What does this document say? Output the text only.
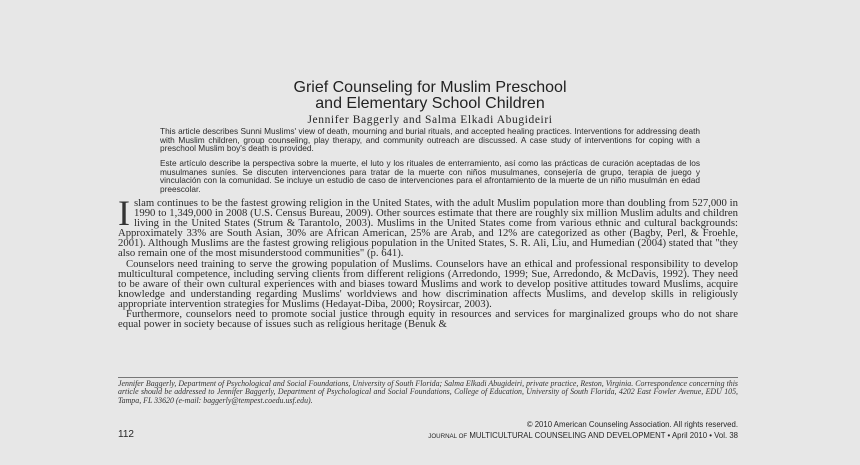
Grief Counseling for Muslim Preschool
and Elementary School Children

Jennifer Baggerly and Salma Elkadi Abugideiri

This article describes Sunni Muslims' view of death, mourning and burial rituals, and accepted healing practices. Interventions for addressing death with Muslim children, group counseling, play therapy, and community outreach are discussed. A case study of interventions for coping with a preschool Muslim boy's death is provided.

Este artículo describe la perspectiva sobre la muerte, el luto y los rituales de enterramiento, así como las prácticas de curación aceptadas de los musulmanes suníes. Se discuten intervenciones para tratar de la muerte con niños musulmanes, consejería de grupo, terapia de juego y vinculación con la comunidad. Se incluye un estudio de caso de intervenciones para el afrontamiento de la muerte de un niño musulmán en edad preescolar.

Islam continues to be the fastest growing religion in the United States, with the adult Muslim population more than doubling from 527,000 in 1990 to 1,349,000 in 2008 (U.S. Census Bureau, 2009). Other sources estimate that there are roughly six million Muslim adults and children living in the United States (Strum & Tarantolo, 2003). Muslims in the United States come from various ethnic and cultural backgrounds: Approximately 33% are South Asian, 30% are African American, 25% are Arab, and 12% are categorized as other (Bagby, Perl, & Froehle, 2001). Although Muslims are the fastest growing religious population in the United States, S. R. Ali, Liu, and Humedian (2004) stated that "they also remain one of the most misunderstood communities" (p. 641).

Counselors need training to serve the growing population of Muslims. Counselors have an ethical and professional responsibility to develop multicultural competence, including serving clients from different religions (Arredondo, 1999; Sue, Arredondo, & McDavis, 1992). They need to be aware of their own cultural experiences with and biases toward Muslims and work to develop positive attitudes toward Muslims, acquire knowledge and understanding regarding Muslims' worldviews and how discrimination affects Muslims, and develop skills in religiously appropriate intervention strategies for Muslims (Hedayat-Diba, 2000; Roysircar, 2003).

Furthermore, counselors need to promote social justice through equity in resources and services for marginalized groups who do not share equal power in society because of issues such as religious heritage (Benuk &

Jennifer Baggerly, Department of Psychological and Social Foundations, University of South Florida; Salma Elkadi Abugideiri, private practice, Reston, Virginia. Correspondence concerning this article should be addressed to Jennifer Baggerly, Department of Psychological and Social Foundations, College of Education, University of South Florida, 4202 East Fowler Avenue, EDU 105, Tampa, FL 33620 (e-mail: baggerly@tempest.coedu.usf.edu).

© 2010 American Counseling Association. All rights reserved.

112	JOURNAL OF MULTICULTURAL COUNSELING AND DEVELOPMENT • April 2010 • Vol. 38
